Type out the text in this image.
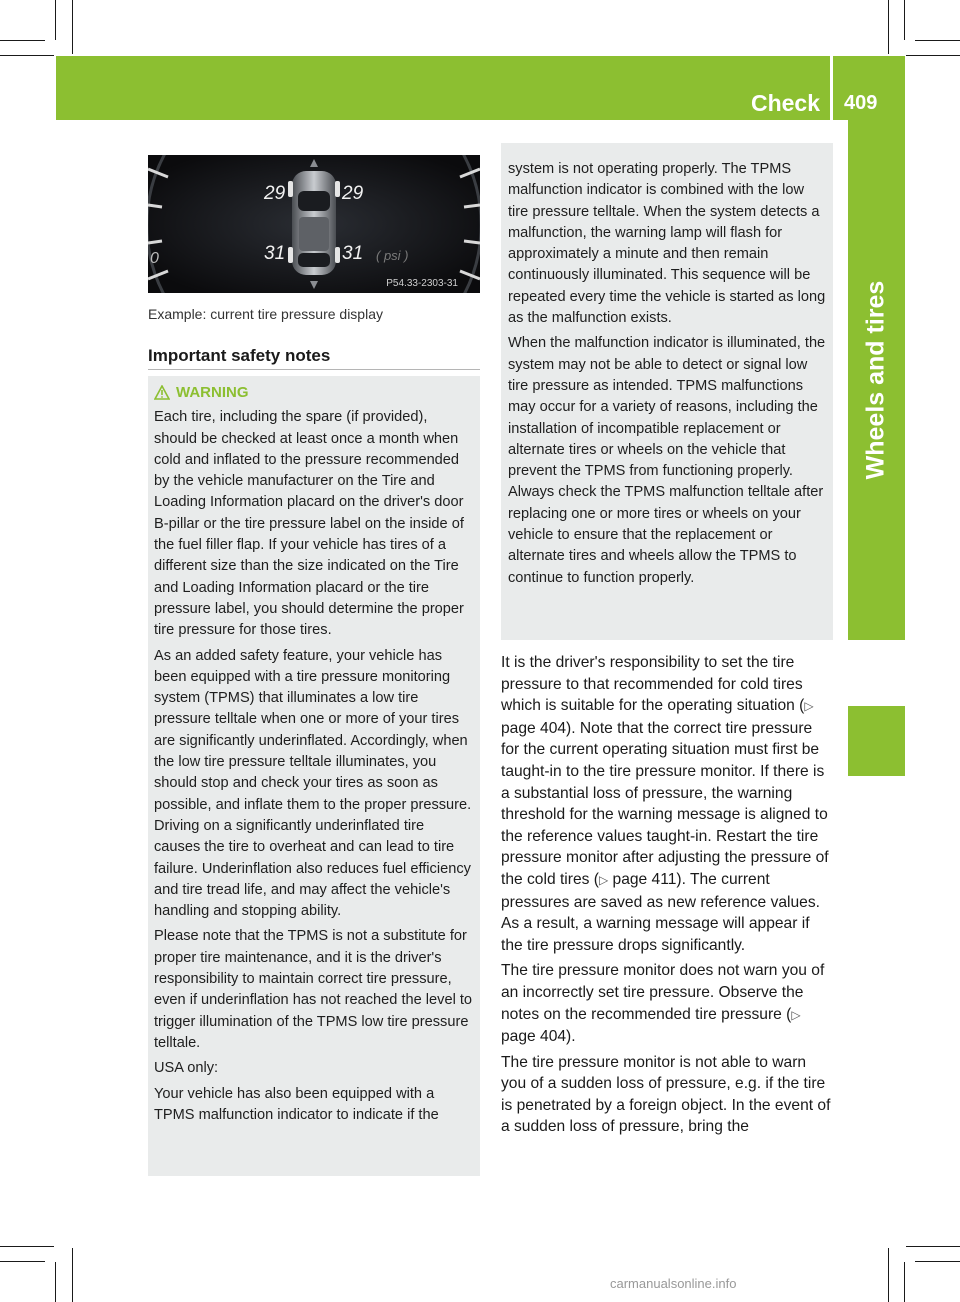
Check 409
Wheels and tires
0
29	29
31	31 ( psi )
P54.33-2303-31
Example: current tire pressure display
Important safety notes

WARNING

Each tire, including the spare (if provided), should be checked at least once a month when cold and inflated to the pressure recommended by the vehicle manufacturer on the Tire and Loading Information placard on the driver's door B-pillar or the tire pressure label on the inside of the fuel filler flap. If your vehicle has tires of a different size than the size indicated on the Tire and Loading Information placard or the tire pressure label, you should determine the proper tire pressure for those tires.

As an added safety feature, your vehicle has been equipped with a tire pressure monitoring system (TPMS) that illuminates a low tire pressure telltale when one or more of your tires are significantly underinflated. Accordingly, when the low tire pressure telltale illuminates, you should stop and check your tires as soon as possible, and inflate them to the proper pressure. Driving on a significantly underinflated tire causes the tire to overheat and can lead to tire failure. Underinflation also reduces fuel efficiency and tire tread life, and may affect the vehicle's handling and stopping ability.

Please note that the TPMS is not a substitute for proper tire maintenance, and it is the driver's responsibility to maintain correct tire pressure, even if underinflation has not reached the level to trigger illumination of the TPMS low tire pressure telltale.

USA only:

Your vehicle has also been equipped with a TPMS malfunction indicator to indicate if the

system is not operating properly. The TPMS malfunction indicator is combined with the low tire pressure telltale. When the system detects a malfunction, the warning lamp will flash for approximately a minute and then remain continuously illuminated. This sequence will be repeated every time the vehicle is started as long as the malfunction exists.

When the malfunction indicator is illuminated, the system may not be able to detect or signal low tire pressure as intended. TPMS malfunctions may occur for a variety of reasons, including the installation of incompatible replacement or alternate tires or wheels on the vehicle that prevent the TPMS from functioning properly. Always check the TPMS malfunction telltale after replacing one or more tires or wheels on your vehicle to ensure that the replacement or alternate tires and wheels allow the TPMS to continue to function properly.

It is the driver's responsibility to set the tire pressure to that recommended for cold tires which is suitable for the operating situation (▷ page 404). Note that the correct tire pressure for the current operating situation must first be taught-in to the tire pressure monitor. If there is a substantial loss of pressure, the warning threshold for the warning message is aligned to the reference values taught-in. Restart the tire pressure monitor after adjusting the pressure of the cold tires (▷ page 411). The current pressures are saved as new reference values. As a result, a warning message will appear if the tire pressure drops significantly.

The tire pressure monitor does not warn you of an incorrectly set tire pressure. Observe the notes on the recommended tire pressure (▷ page 404).

The tire pressure monitor is not able to warn you of a sudden loss of pressure, e.g. if the tire is penetrated by a foreign object. In the event of a sudden loss of pressure, bring the

carmanualsonline.info
